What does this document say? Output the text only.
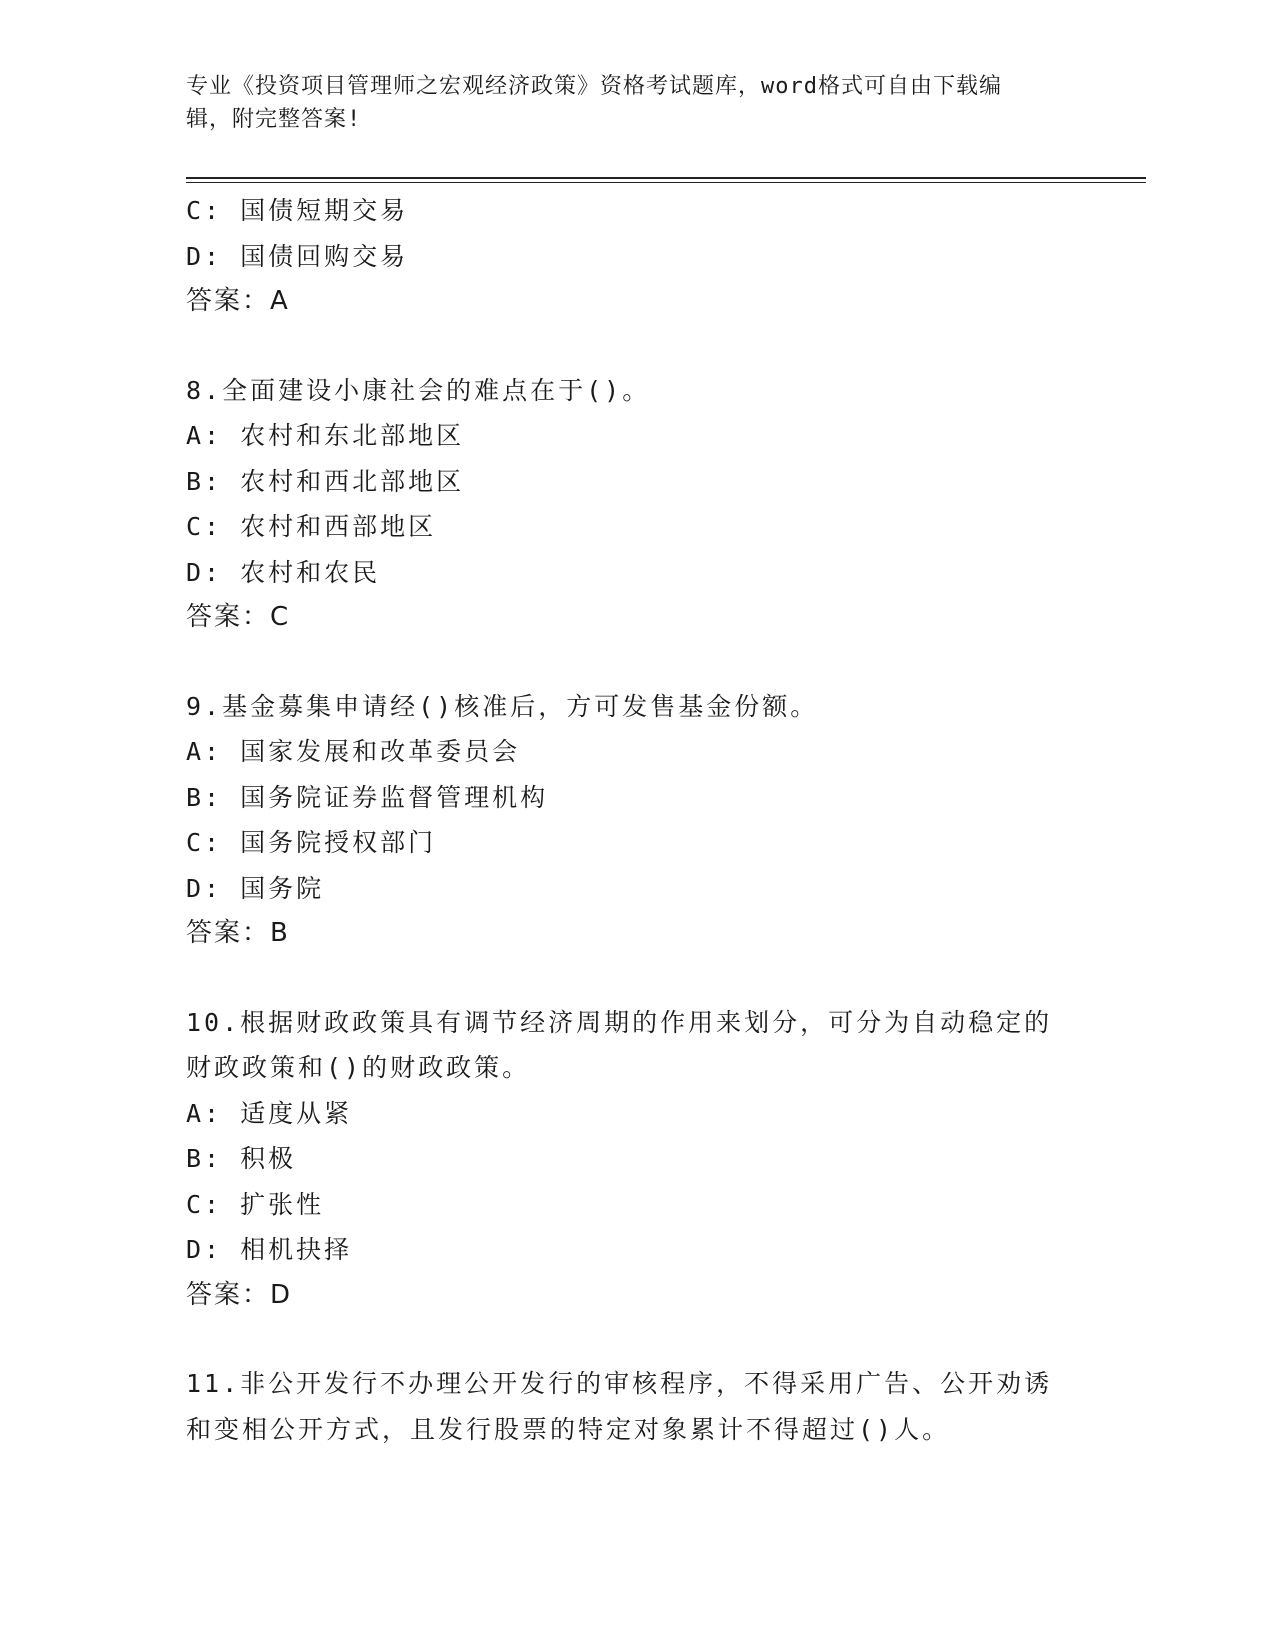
专业《投资项目管理师之宏观经济政策》资格考试题库，word格式可自由下载编
辑，附完整答案!
C: 国债短期交易
D: 国债回购交易
答案：A
8.全面建设小康社会的难点在于()。
A: 农村和东北部地区
B: 农村和西北部地区
C: 农村和西部地区
D: 农村和农民
答案：C
9.基金募集申请经()核准后，方可发售基金份额。
A: 国家发展和改革委员会
B: 国务院证券监督管理机构
C: 国务院授权部门
D: 国务院
答案：B
10.根据财政政策具有调节经济周期的作用来划分，可分为自动稳定的
财政政策和()的财政政策。
A: 适度从紧
B: 积极
C: 扩张性
D: 相机抉择
答案：D
11.非公开发行不办理公开发行的审核程序，不得采用广告、公开劝诱
和变相公开方式，且发行股票的特定对象累计不得超过()人。
